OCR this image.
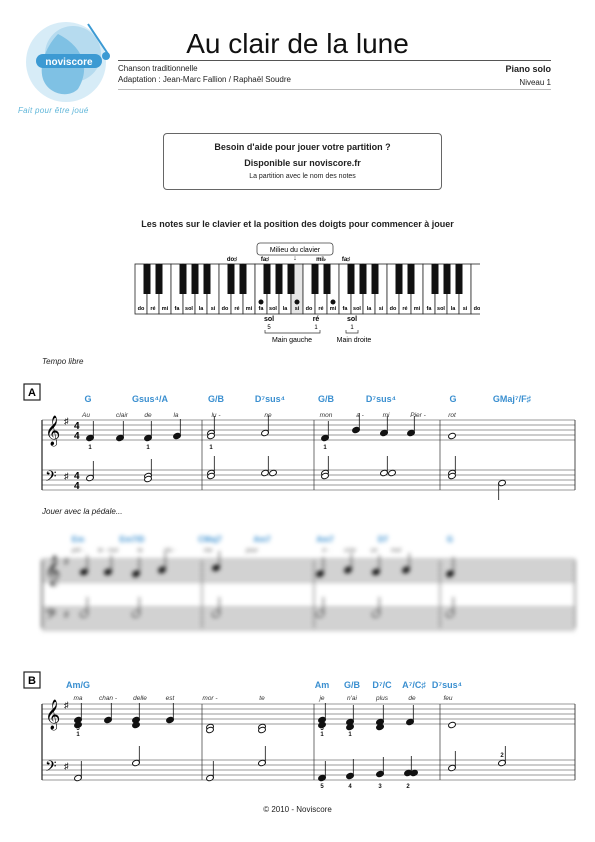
noviscore
Fait pour être joué
Au clair de la lune
Chanson traditionnelle
Adaptation : Jean-Marc Fallion / Raphaël Soudre
Piano solo
Niveau 1
Besoin d'aide pour jouer votre partition ?
Disponible sur noviscore.fr
La partition avec le nom des notes
Les notes sur le clavier et la position des doigts pour commencer à jouer
Milieu du clavier
↓
do ré mi fa sol la si do ré mi fa sol la si do ré mi fa sol la si do ré mi fa sol la si do
do♯	fa♯	mi♭	fa♯
sol	ré
5	1
Main gauche
sol
1
Main droite
Tempo libre
Jouer avec la pédale...
A
𝄞
𝄢
♯
♯
4
4
4
4
G	Gsus⁴/A	G/B	D⁷sus⁴	G/B	D⁷sus⁴	G	GMaj⁷/F♯
Au	clair	de	la	lu -	ne	mon	a -	mi	Pier -	rot
1	1	1	1
𝄞
𝄢
♯
♯
Em	Em7/D	CMaj7	Am7	Am7	D7	G
prê - te - moi	ta	plu -	me	pour	é - crire un mot
B
𝄞
𝄢
♯
♯
Am/G	Am G/B D⁷/C A⁷/C♯ D⁷sus⁴
ma	chan - delle	est	mor -	te	je	n'ai	plus	de	feu
5
1
5
1	1
5	4	3	2
2
© 2010 - Noviscore
